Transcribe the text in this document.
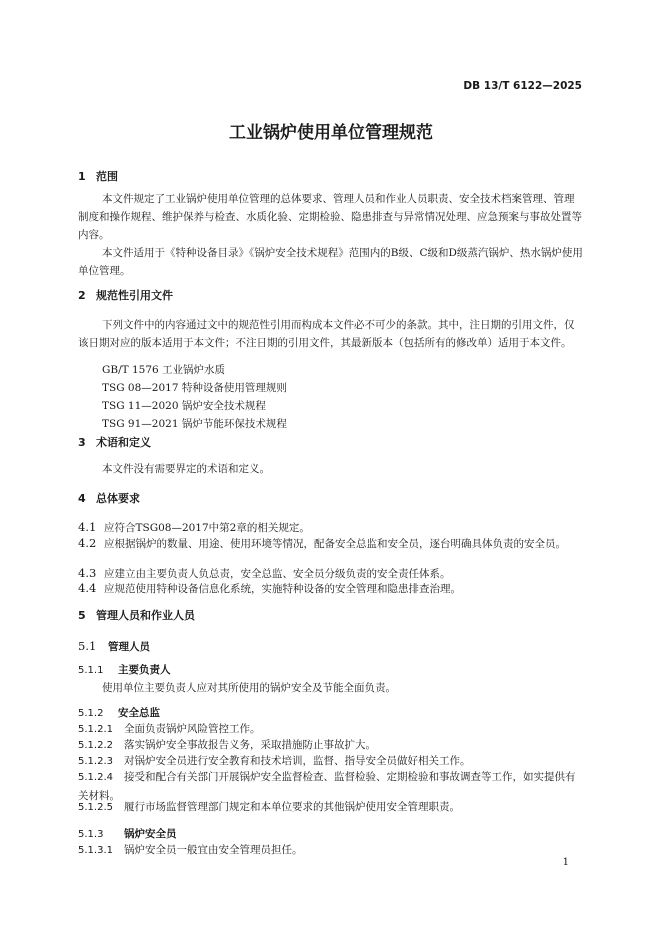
DB 13/T 6122—2025
工业锅炉使用单位管理规范
1 范围
本文件规定了工业锅炉使用单位管理的总体要求、管理人员和作业人员职责、安全技术档案管理、管理制度和操作规程、维护保养与检查、水质化验、定期检验、隐患排查与异常情况处理、应急预案与事故处置等内容。
本文件适用于《特种设备目录》《锅炉安全技术规程》范围内的B级、C级和D级蒸汽锅炉、热水锅炉使用单位管理。
2 规范性引用文件
下列文件中的内容通过文中的规范性引用而构成本文件必不可少的条款。其中，注日期的引用文件，仅该日期对应的版本适用于本文件；不注日期的引用文件，其最新版本（包括所有的修改单）适用于本文件。
GB/T 1576 工业锅炉水质
TSG 08—2017 特种设备使用管理规则
TSG 11—2020 锅炉安全技术规程
TSG 91—2021 锅炉节能环保技术规程
3 术语和定义
本文件没有需要界定的术语和定义。
4 总体要求
4.1 应符合TSG08—2017中第2章的相关规定。
4.2 应根据锅炉的数量、用途、使用环境等情况，配备安全总监和安全员，逐台明确具体负责的安全员。
4.3 应建立由主要负责人负总责，安全总监、安全员分级负责的安全责任体系。
4.4 应规范使用特种设备信息化系统，实施特种设备的安全管理和隐患排查治理。
5 管理人员和作业人员
5.1 管理人员
5.1.1 主要负责人
使用单位主要负责人应对其所使用的锅炉安全及节能全面负责。
5.1.2 安全总监
5.1.2.1 全面负责锅炉风险管控工作。
5.1.2.2 落实锅炉安全事故报告义务，采取措施防止事故扩大。
5.1.2.3 对锅炉安全员进行安全教育和技术培训，监督、指导安全员做好相关工作。
5.1.2.4 接受和配合有关部门开展锅炉安全监督检查、监督检验、定期检验和事故调查等工作，如实提供有关材料。
5.1.2.5 履行市场监督管理部门规定和本单位要求的其他锅炉使用安全管理职责。
5.1.3 锅炉安全员
5.1.3.1 锅炉安全员一般宜由安全管理员担任。
1
